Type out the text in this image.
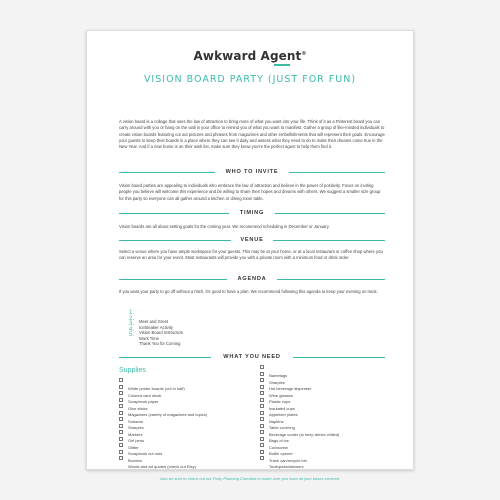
Awkward Agent®
VISION BOARD PARTY (JUST FOR FUN)
A vision board is a collage that uses the law of attraction to bring more of what you want into your life. Think of it as a Pinterest board you can carry around with you or hang on the wall in your office to remind you of what you want to manifest. Gather a group of like-minded individuals to create vision boards featuring cut out pictures and phrases from magazines and other embellishments that will represent their goals. Encourage your guests to keep their boards in a place where they can see it daily and assess what they need to do to make their dreams come true in the New Year. And if a new home is on their wish list, make sure they know you're the perfect agent to help them find it.
WHO TO INVITE
Vision board parties are appealing to individuals who embrace the law of attraction and believe in the power of positivity. Focus on inviting people you believe will welcome this experience and be willing to share their hopes and dreams with others. We suggest a smaller size group for this party so everyone can all gather around a kitchen or dining room table.
TIMING
Vision boards are all about setting goals for the coming year. We recommend scheduling in December or January.
VENUE
Select a venue where you have ample workspace for your guests. This may be at your home, or at a local restaurant or coffee shop where you can reserve an area for your event. Most restaurants will provide you with a private room with a minimum food or drink order.
AGENDA
If you want your party to go off without a hitch, it's good to have a plan. We recommend following this agenda to keep your evening on track.
1.
Meet and Greet
2.
Icebreaker Activity
3.
Vision Board Instruction
4.
Work Time
5.
Thank You for Coming
WHAT YOU NEED
Supplies
White poster boards (cut in half)
Colored card stock
Scrapbook paper
Glue sticks
Magazines (variety of magazines and topics)
Scissors
Sharpies
Markers
Gel pens
Glitter
Scrapbook cut outs
Borders
Words and art quotes (check out Etsy)
Nametags
Sharpies
Hot beverage dispenser
Wine glasses
Plastic cups
Insulated cups
Appetizer plates
Napkins
Table covering
Beverage cooler (to keep drinks chilled)
Bags of ice
Corkscrew
Bottle opener
Trash can/recycle bin
Toothpicks/skewers
Also be sure to check out our Party Planning Checklist to make sure you have all your bases covered.
